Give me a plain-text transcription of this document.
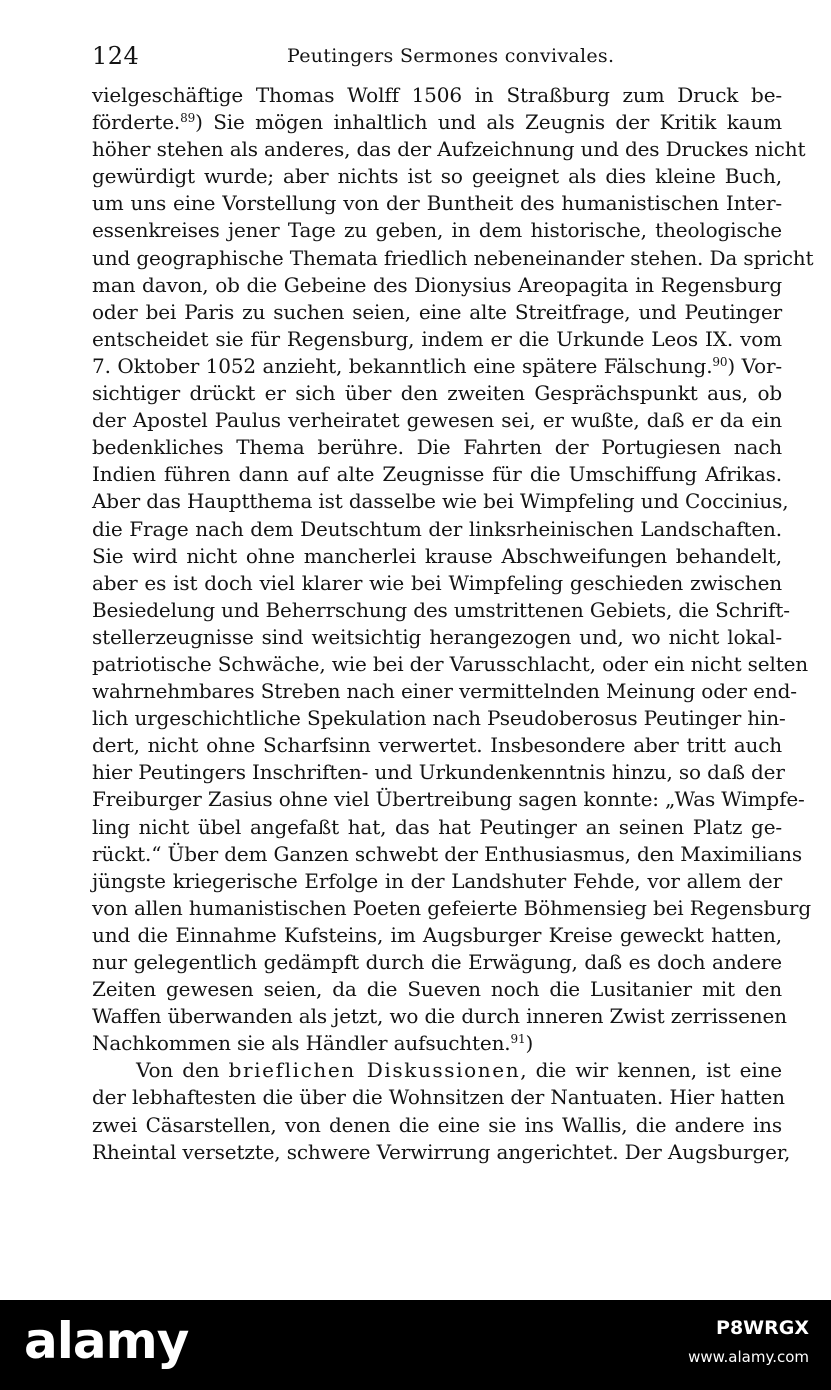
124	Peutingers Sermones convivales.
vielgeschäftige Thomas Wolff 1506 in Straßburg zum Druck be-
förderte.$^{89}$) Sie mögen inhaltlich und als Zeugnis der Kritik kaum
höher stehen als anderes, das der Aufzeichnung und des Druckes nicht
gewürdigt wurde; aber nichts ist so geeignet als dies kleine Buch,
um uns eine Vorstellung von der Buntheit des humanistischen Inter-
essenkreises jener Tage zu geben, in dem historische, theologische
und geographische Themata friedlich nebeneinander stehen. Da spricht
man davon, ob die Gebeine des Dionysius Areopagita in Regensburg
oder bei Paris zu suchen seien, eine alte Streitfrage, und Peutinger
entscheidet sie für Regensburg, indem er die Urkunde Leos IX. vom
7. Oktober 1052 anzieht, bekanntlich eine spätere Fälschung.$^{90}$) Vor-
sichtiger drückt er sich über den zweiten Gesprächspunkt aus, ob
der Apostel Paulus verheiratet gewesen sei, er wußte, daß er da ein
bedenkliches Thema berühre. Die Fahrten der Portugiesen nach
Indien führen dann auf alte Zeugnisse für die Umschiffung Afrikas.
Aber das Hauptthema ist dasselbe wie bei Wimpfeling und Coccinius,
die Frage nach dem Deutschtum der linksrheinischen Landschaften.
Sie wird nicht ohne mancherlei krause Abschweifungen behandelt,
aber es ist doch viel klarer wie bei Wimpfeling geschieden zwischen
Besiedelung und Beherrschung des umstrittenen Gebiets, die Schrift-
stellerzeugnisse sind weitsichtig herangezogen und, wo nicht lokal-
patriotische Schwäche, wie bei der Varusschlacht, oder ein nicht selten
wahrnehmbares Streben nach einer vermittelnden Meinung oder end-
lich urgeschichtliche Spekulation nach Pseudoberosus Peutinger hin-
dert, nicht ohne Scharfsinn verwertet. Insbesondere aber tritt auch
hier Peutingers Inschriften- und Urkundenkenntnis hinzu, so daß der
Freiburger Zasius ohne viel Übertreibung sagen konnte: „Was Wimpfe-
ling nicht übel angefaßt hat, das hat Peutinger an seinen Platz ge-
rückt.“ Über dem Ganzen schwebt der Enthusiasmus, den Maximilians
jüngste kriegerische Erfolge in der Landshuter Fehde, vor allem der
von allen humanistischen Poeten gefeierte Böhmensieg bei Regensburg
und die Einnahme Kufsteins, im Augsburger Kreise geweckt hatten,
nur gelegentlich gedämpft durch die Erwägung, daß es doch andere
Zeiten gewesen seien, da die Sueven noch die Lusitanier mit den
Waffen überwanden als jetzt, wo die durch inneren Zwist zerrissenen
Nachkommen sie als Händler aufsuchten.$^{91}$)
Von den brieflichen Diskussionen, die wir kennen, ist eine
der lebhaftesten die über die Wohnsitzen der Nantuaten. Hier hatten
zwei Cäsarstellen, von denen die eine sie ins Wallis, die andere ins
Rheintal versetzte, schwere Verwirrung angerichtet. Der Augsburger,
alamy	P8WRGX
www.alamy.com
